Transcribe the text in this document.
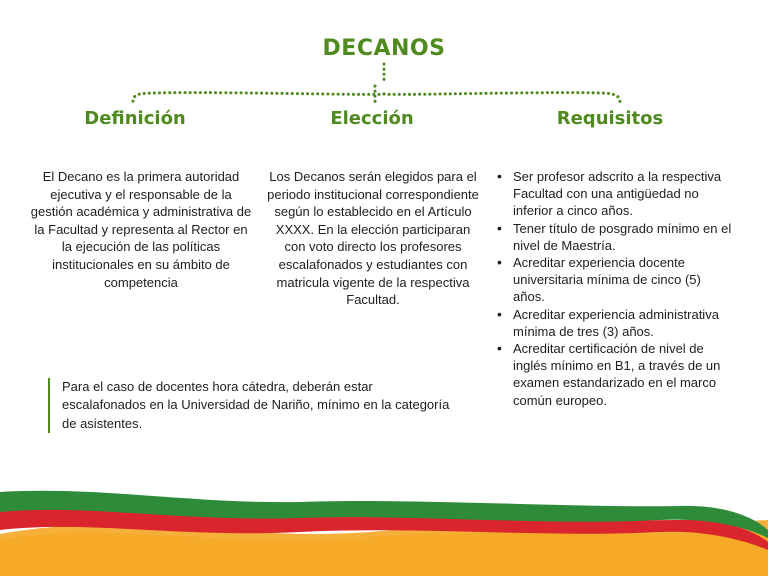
DECANOS
Definición	Elección	Requisitos
El Decano es la primera autoridad ejecutiva y el responsable de la gestión académica y administrativa de la Facultad y representa al Rector en la ejecución de las políticas institucionales en su ámbito de competencia
Los Decanos serán elegidos para el periodo institucional correspondiente según lo establecido en el Artículo XXXX. En la elección participaran con voto directo los profesores escalafonados y estudiantes con matricula vigente de la respectiva Facultad.
• Ser profesor adscrito a la respectiva Facultad con una antigüedad no inferior a cinco años.
• Tener título de posgrado mínimo en el nivel de Maestría.
• Acreditar experiencia docente universitaria mínima de cinco (5) años.
• Acreditar experiencia administrativa mínima de tres (3) años.
• Acreditar certificación de nivel de inglés mínimo en B1, a través de un examen estandarizado en el marco común europeo.
Para el caso de docentes hora cátedra, deberán estar escalafonados en la Universidad de Nariño, mínimo en la categoría de asistentes.
